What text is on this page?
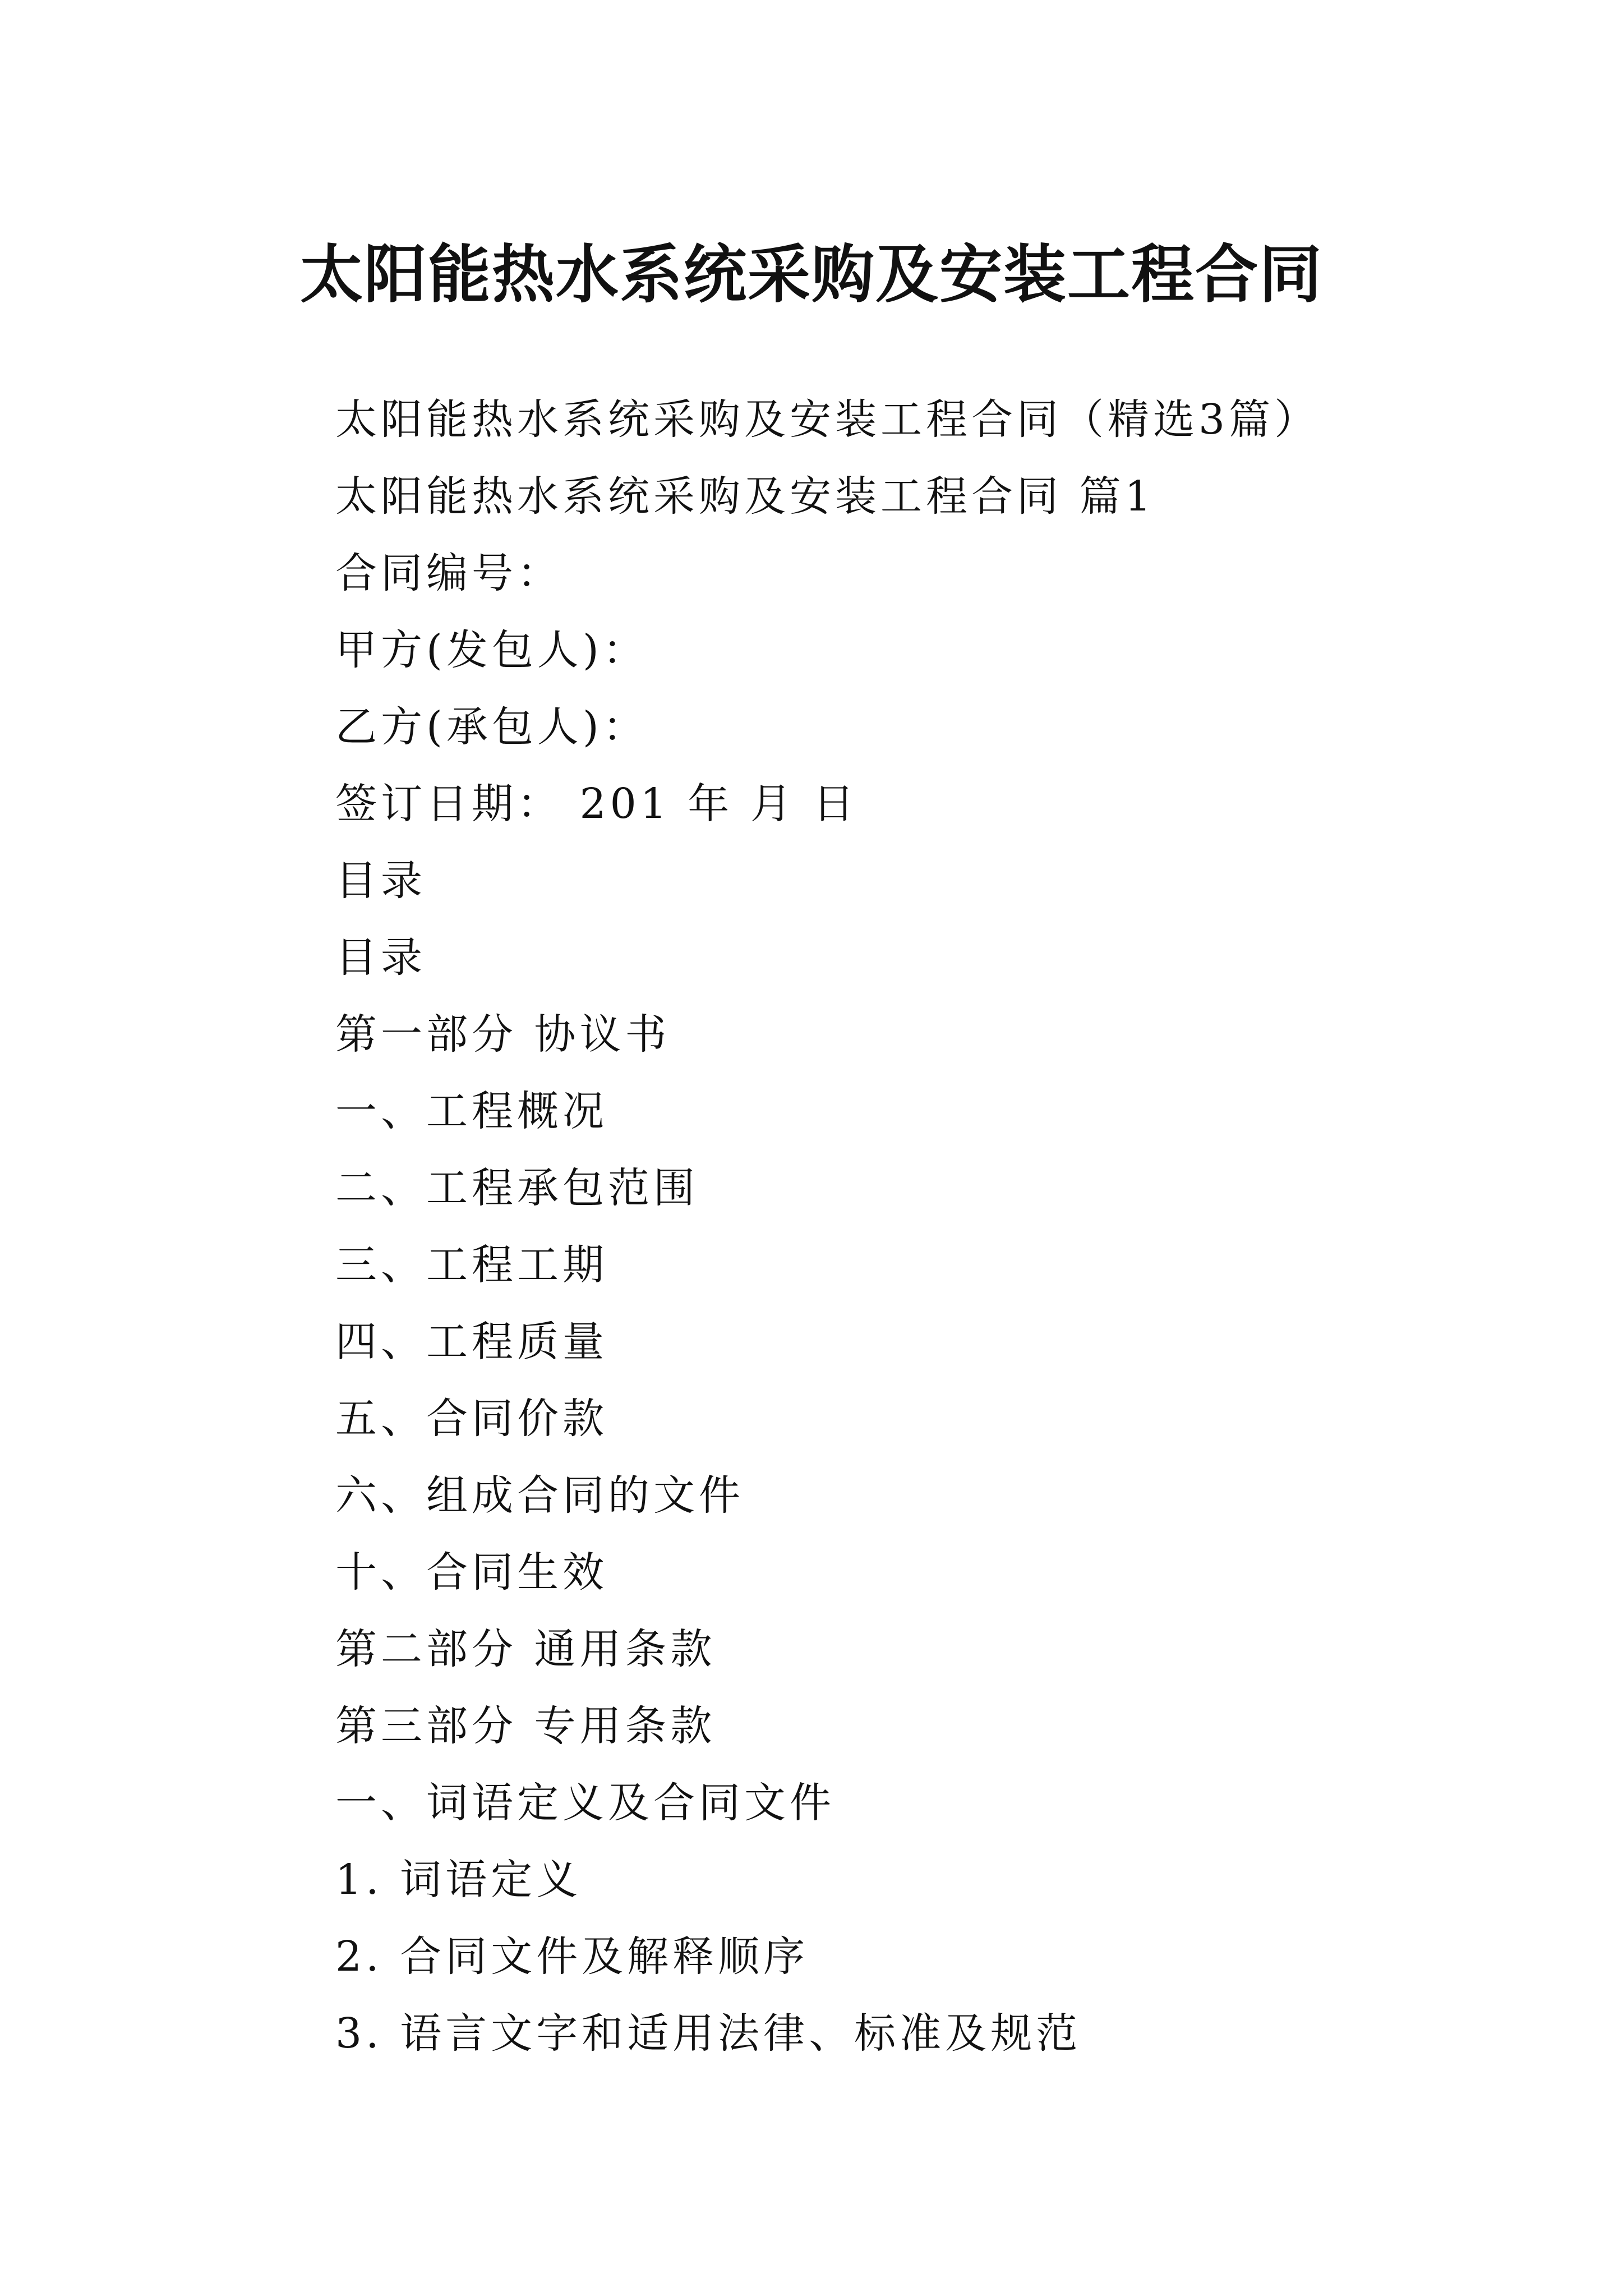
太阳能热水系统采购及安装工程合同
太阳能热水系统采购及安装工程合同（精选3篇）
太阳能热水系统采购及安装工程合同 篇1
合同编号：
甲方(发包人)：
乙方(承包人)：
签订日期： 201 年 月 日
目录
目录
第一部分 协议书
一、工程概况
二、工程承包范围
三、工程工期
四、工程质量
五、合同价款
六、组成合同的文件
十、合同生效
第二部分 通用条款
第三部分 专用条款
一、词语定义及合同文件
1. 词语定义
2. 合同文件及解释顺序
3. 语言文字和适用法律、标准及规范
